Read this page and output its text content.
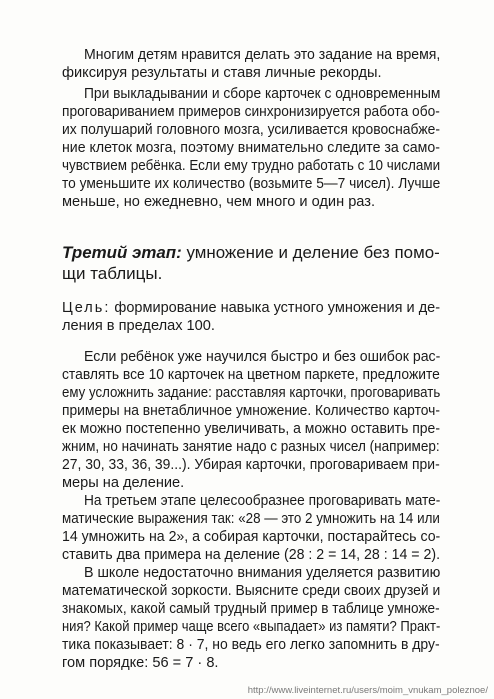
Многим детям нравится делать это задание на время,
фиксируя результаты и ставя личные рекорды.
При выкладывании и сборе карточек с одновременным
проговариванием примеров синхронизируется работа обо-
их полушарий головного мозга, усиливается кровоснабже-
ние клеток мозга, поэтому внимательно следите за само-
чувствием ребёнка. Если ему трудно работать с 10 числами
то уменьшите их количество (возьмите 5—7 чисел). Лучше
меньше, но ежедневно, чем много и один раз.
Третий этап: умножение и деление без помо-
щи таблицы.
Цель: формирование навыка устного умножения и де-
ления в пределах 100.
Если ребёнок уже научился быстро и без ошибок рас-
ставлять все 10 карточек на цветном паркете, предложите
ему усложнить задание: расставляя карточки, проговаривать
примеры на внетабличное умножение. Количество карточ-
ек можно постепенно увеличивать, а можно оставить пре-
жним, но начинать занятие надо с разных чисел (например:
27, 30, 33, 36, 39...). Убирая карточки, проговариваем при-
меры на деление.
На третьем этапе целесообразнее проговаривать мате-
матические выражения так: «28 — это 2 умножить на 14 или
14 умножить на 2», а собирая карточки, постарайтесь со-
ставить два примера на деление (28 : 2 = 14, 28 : 14 = 2).
В школе недостаточно внимания уделяется развитию
математической зоркости. Выясните среди своих друзей и
знакомых, какой самый трудный пример в таблице умноже-
ния? Какой пример чаще всего «выпадает» из памяти? Практ-
тика показывает: 8 · 7, но ведь его легко запомнить в дру-
гом порядке: 56 = 7 · 8.
http://www.liveinternet.ru/users/moim_vnukam_poleznoe/
